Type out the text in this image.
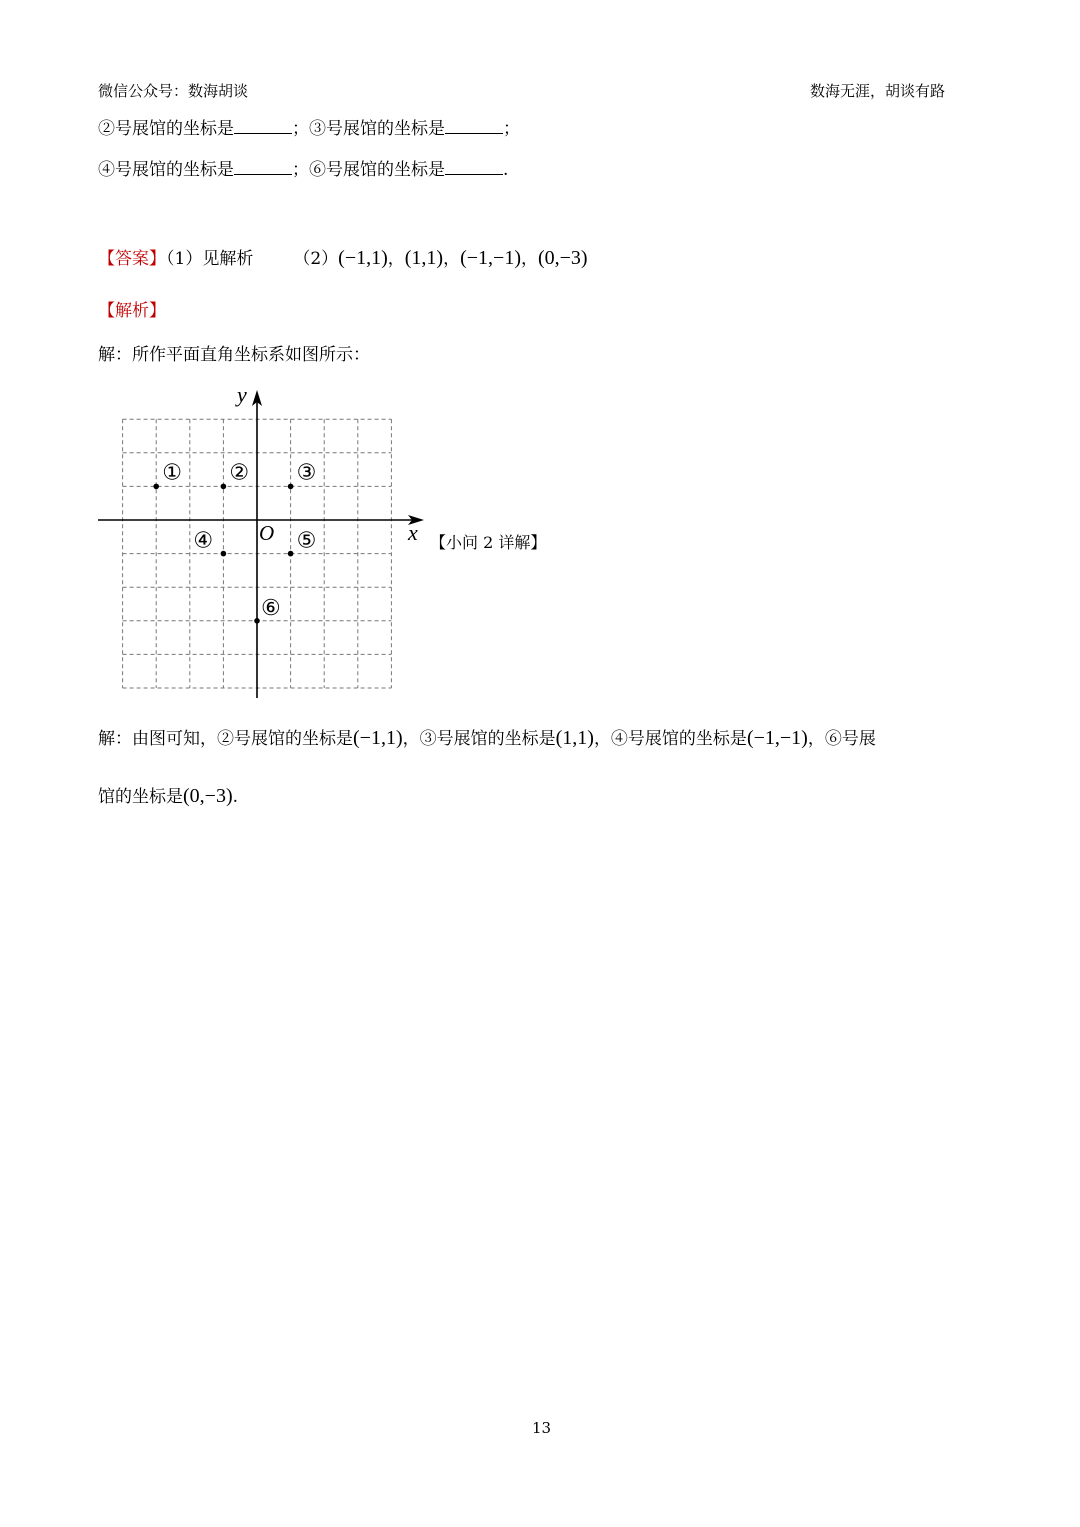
微信公众号：数海胡谈	数海无涯，胡谈有路
②号展馆的坐标是	；③号展馆的坐标是	；
④号展馆的坐标是	；⑥号展馆的坐标是	.
【答案】（1）见解析 （2）(−1,1)，(1,1)，(−1,−1)，(0,−3)
【解析】
解：所作平面直角坐标系如图所示：
x
y
O
① ② ③
④	⑤
⑥
【小问 2 详解】
解：由图可知，②号展馆的坐标是(−1,1)，③号展馆的坐标是(1,1)，④号展馆的坐标是(−1,−1)，⑥号展
馆的坐标是(0,−3).
13
